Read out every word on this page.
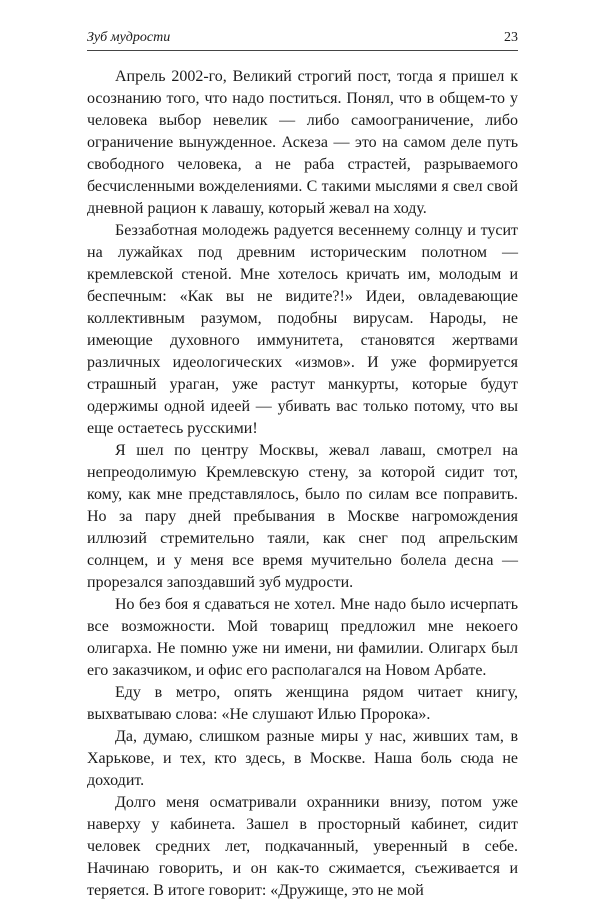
Зуб мудрости	23

Апрель 2002-го, Великий строгий пост, тогда я пришел к осознанию того, что надо поститься. Понял, что в общем-то у человека выбор невелик — либо самоограничение, либо ограничение вынужденное. Аскеза — это на самом деле путь свободного человека, а не раба страстей, разрываемого бесчисленными вожделениями. С такими мыслями я свел свой дневной рацион к лавашу, который жевал на ходу.

Беззаботная молодежь радуется весеннему солнцу и тусит на лужайках под древним историческим полотном — кремлевской стеной. Мне хотелось кричать им, молодым и беспечным: «Как вы не видите?!» Идеи, овладевающие коллективным разумом, подобны вирусам. Народы, не имеющие духовного иммунитета, становятся жертвами различных идеологических «измов». И уже формируется страшный ураган, уже растут манкурты, которые будут одержимы одной идеей — убивать вас только потому, что вы еще остаетесь русскими!

Я шел по центру Москвы, жевал лаваш, смотрел на непреодолимую Кремлевскую стену, за которой сидит тот, кому, как мне представлялось, было по силам все поправить. Но за пару дней пребывания в Москве нагромождения иллюзий стремительно таяли, как снег под апрельским солнцем, и у меня все время мучительно болела десна — прорезался запоздавший зуб мудрости.

Но без боя я сдаваться не хотел. Мне надо было исчерпать все возможности. Мой товарищ предложил мне некоего олигарха. Не помню уже ни имени, ни фамилии. Олигарх был его заказчиком, и офис его располагался на Новом Арбате.

Еду в метро, опять женщина рядом читает книгу, выхватываю слова: «Не слушают Илью Пророка».

Да, думаю, слишком разные миры у нас, живших там, в Харькове, и тех, кто здесь, в Москве. Наша боль сюда не доходит.

Долго меня осматривали охранники внизу, потом уже наверху у кабинета. Зашел в просторный кабинет, сидит человек средних лет, подкачанный, уверенный в себе. Начинаю говорить, и он как-то сжимается, съеживается и теряется. В итоге говорит: «Дружище, это не мой
